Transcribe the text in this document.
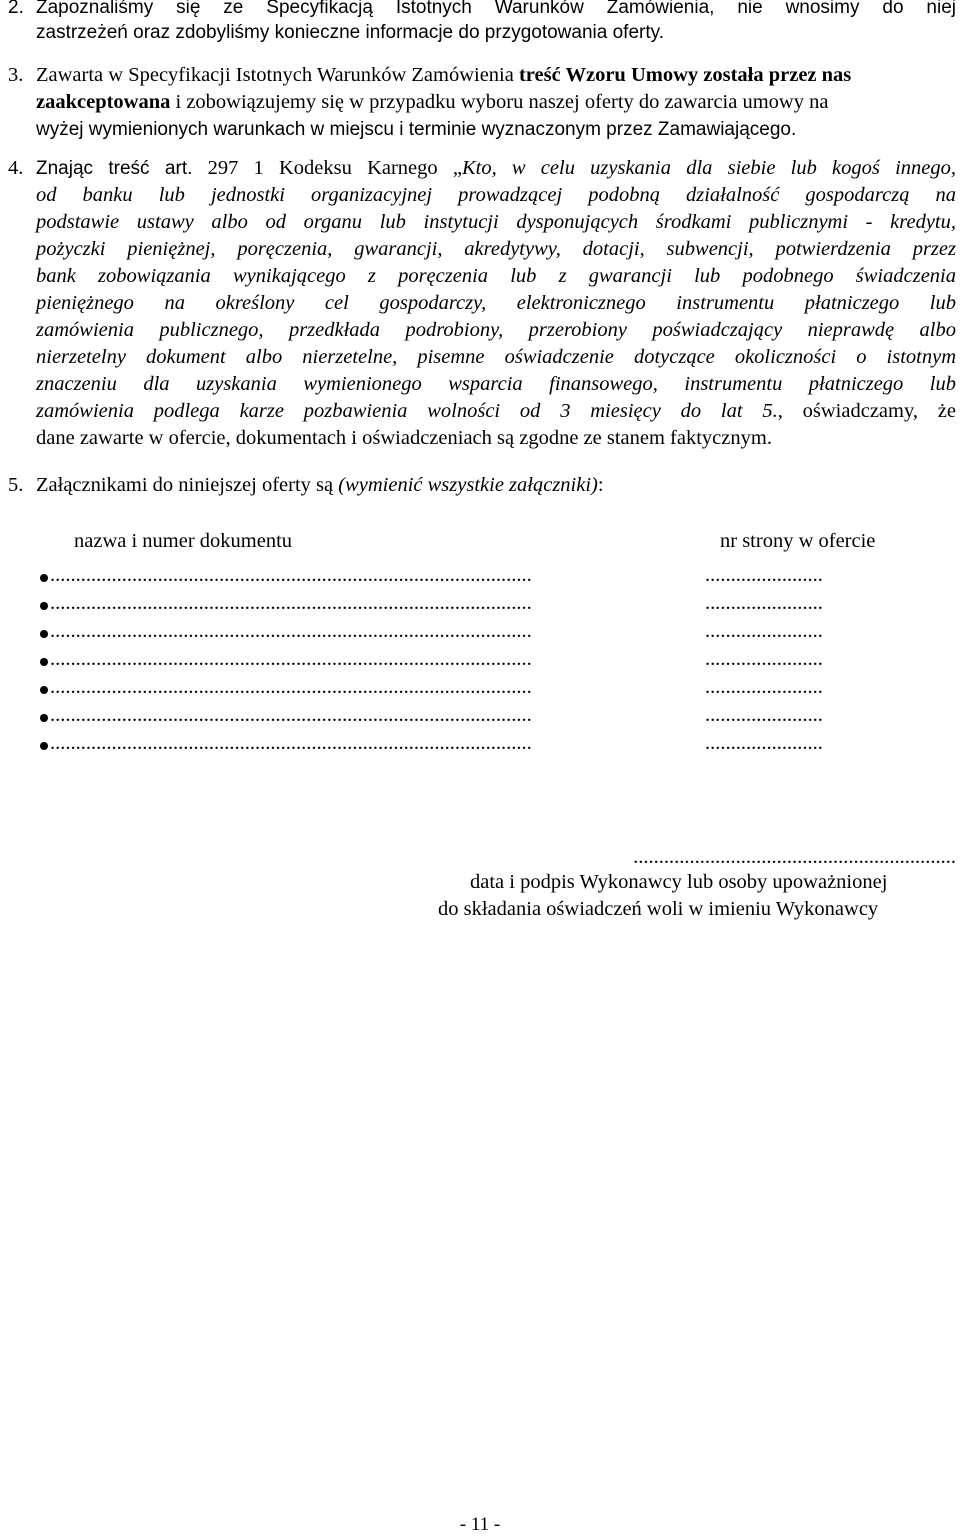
2. Zapoznaliśmy się ze Specyfikacją Istotnych Warunków Zamówienia, nie wnosimy do niej
zastrzeżeń oraz zdobyliśmy konieczne informacje do przygotowania oferty.
3. Zawarta w Specyfikacji Istotnych Warunków Zamówienia treść Wzoru Umowy została przez nas
zaakceptowana i zobowiązujemy się w przypadku wyboru naszej oferty do zawarcia umowy na
wyżej wymienionych warunkach w miejscu i terminie wyznaczonym przez Zamawiającego.
4. Znając treść art. 297 1 Kodeksu Karnego „Kto, w celu uzyskania dla siebie lub kogoś innego,
od banku lub jednostki organizacyjnej prowadzącej podobną działalność gospodarczą na
podstawie ustawy albo od organu lub instytucji dysponujących środkami publicznymi - kredytu,
pożyczki pieniężnej, poręczenia, gwarancji, akredytywy, dotacji, subwencji, potwierdzenia przez
bank zobowiązania wynikającego z poręczenia lub z gwarancji lub podobnego świadczenia
pieniężnego na określony cel gospodarczy, elektronicznego instrumentu płatniczego lub
zamówienia publicznego, przedkłada podrobiony, przerobiony poświadczający nieprawdę albo
nierzetelny dokument albo nierzetelne, pisemne oświadczenie dotyczące okoliczności o istotnym
znaczeniu dla uzyskania wymienionego wsparcia finansowego, instrumentu płatniczego lub
zamówienia podlega karze pozbawienia wolności od 3 miesięcy do lat 5., oświadczamy, że
dane zawarte w ofercie, dokumentach i oświadczeniach są zgodne ze stanem faktycznym.
5. Załącznikami do niniejszej oferty są (wymienić wszystkie załączniki):
nazwa i numer dokumentu	nr strony w ofercie
..............................................................................................	.......................
..............................................................................................	.......................
..............................................................................................	.......................
..............................................................................................	.......................
..............................................................................................	.......................
..............................................................................................	.......................
..............................................................................................	.......................
...............................................................
data i podpis Wykonawcy lub osoby upoważnionej
do składania oświadczeń woli w imieniu Wykonawcy
- 11 -
